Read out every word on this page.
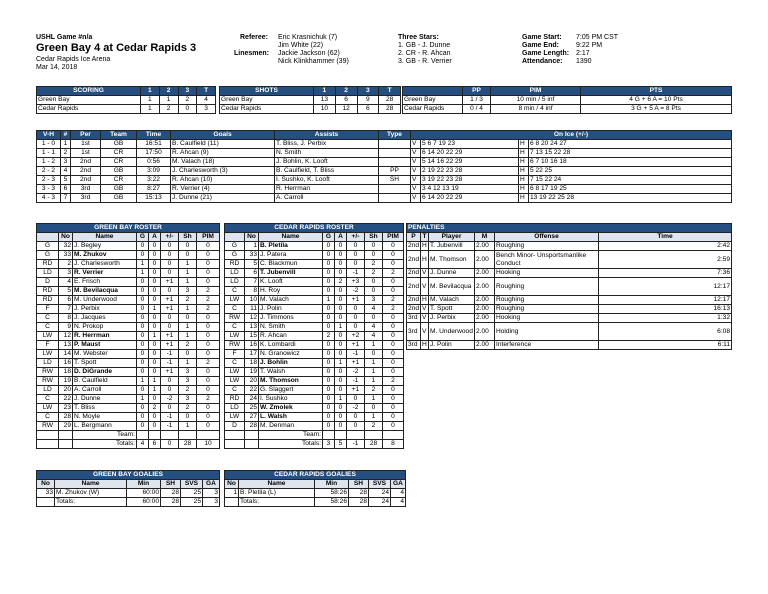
USHL Game #n/a
Green Bay 4 at Cedar Rapids 3
Cedar Rapids Ice Arena
Mar 14, 2018
Referee: Eric Krasnichuk (7)
Jim White (22)
Linesmen: Jackie Jackson (62)
Nick Klinkhammer (39)
Three Stars:
1. GB - J. Dunne
2. CR - R. Ahcan
3. GB - R. Verrier
Game Start: 7:05 PM CST
Game End: 9:22 PM
Game Length: 2:17
Attendance: 1390
SCORING	1	2	3	T
Green Bay	1	1	2	4
Cedar Rapids	1	2	0	3
SHOTS	1	2	3	T
Green Bay	13	6	9	28
Cedar Rapids	10	12	6	28
	PP	PIM	PTS
Green Bay	1 / 3	10 min / 5 inf	4 G + 6 A = 10 Pts
Cedar Rapids	0 / 4	8 min / 4 inf	3 G + 5 A = 8 Pts
V-H	#	Per	Team	Time	Goals	Assists	Type	On Ice (+/-)			
1 - 0	1	1st	GB	16:51	B. Caulfield (11)	T. Bliss, J. Perbix		V	5 6 7 19 23	H	6 8 20 24 27
1 - 1	2	1st	CR	17:50	R. Ahcan (9)	N. Smith		V	6 14 20 22 29	H	7 13 15 22 28
1 - 2	3	2nd	CR	0:56	M. Valach (18)	J. Bohlin, K. Looft		V	5 14 16 22 29	H	6 7 10 16 18
2 - 2	4	2nd	GB	3:09	J. Charlesworth (3)	B. Caulfield, T. Bliss	PP	V	2 19 22 23 28	H	5 22 25
2 - 3	5	2nd	CR	3:22	R. Ahcan (10)	I. Sushko, K. Looft	SH	V	3 19 22 23 28	H	7 15 22 24
3 - 3	6	3rd	GB	8:27	R. Verrier (4)	R. Herrman		V	3 4 12 13 19	H	6 8 17 19 25
4 - 3	7	3rd	GB	15:13	J. Dunne (21)	A. Carroll		V	6 14 20 22 29	H	13 19 22 25 28
GREEN BAY ROSTER							
	No	Name	G	A	+/-	Sh	PIM
G	32	J. Begley	0	0	0	0	0
G	33	M. Zhukov	0	0	0	0	0
RD	2	J. Charlesworth	1	0	0	1	0
LD	3	R. Verrier	1	0	0	1	0
D	4	E. Frisch	0	0	+1	1	0
RD	5	M. Bevilacqua	0	0	0	3	2
RD	6	M. Underwood	0	0	+1	2	2
F	7	J. Perbix	0	1	+1	1	2
C	8	J. Jacques	0	0	0	0	0
C	9	N. Prokop	0	0	0	1	0
LW	12	R. Herrman	0	1	+1	1	0
F	13	P. Maust	0	0	+1	2	0
LW	14	M. Webster	0	0	-1	0	0
LD	16	T. Spott	0	0	-1	1	2
RW	18	D. DiGrande	0	0	+1	3	0
RW	19	B. Caulfield	1	1	0	3	0
LD	20	A. Carroll	0	1	0	2	0
C	22	J. Dunne	1	0	-2	3	2
LW	23	T. Bliss	0	2	0	2	0
C	28	N. Moyle	0	0	-1	0	0
RW	29	L. Bergmann	0	0	-1	1	0
		Team:					
		Totals:	4	6	0	28	10
CEDAR RAPIDS ROSTER							
	No	Name	G	A	+/-	Sh	PIM
G	1	B. Pletila	0	0	0	0	0
G	33	J. Patera	0	0	0	0	0
RD	5	C. Blackmun	0	0	0	2	0
LD	6	T. Jubenvill	0	0	-1	2	2
LD	7	K. Looft	0	2	+3	0	0
C	8	H. Roy	0	0	-2	0	0
LW	10	M. Valach	1	0	+1	3	2
C	11	J. Polin	0	0	0	4	2
RW	12	J. Timmons	0	0	0	0	0
C	13	N. Smith	0	1	0	4	0
LW	15	R. Ahcan	2	0	+2	4	0
RW	16	K. Lombardi	0	0	+1	1	0
F	17	N. Granowicz	0	0	-1	0	0
C	18	J. Bohlin	0	1	+1	1	0
LW	19	T. Walsh	0	0	-2	1	0
LW	20	M. Thomson	0	0	-1	1	2
C	22	G. Slaggert	0	0	+1	2	0
RD	24	I. Sushko	0	1	0	1	0
LD	25	W. Zmolek	0	0	-2	0	0
LW	27	L. Walsh	0	0	0	1	0
D	28	M. Denman	0	0	0	2	0
		Team:					
		Totals:	3	5	-1	28	8
PENALTIES					
P	T	Player	M	Offense	Time
2nd	H	T. Jubenvill	2.00	Roughing	2:42
2nd	H	M. Thomson	2.00	Bench Minor- Unsportsmanlike Conduct	2:59
2nd	V	J. Dunne	2.00	Hooking	7:36
2nd	V	M. Bevilacqua	2.00	Roughing	12:17
2nd	H	M. Valach	2.00	Roughing	12:17
2nd	V	T. Spott	2.00	Roughing	16:13
3rd	V	J. Perbix	2.00	Hooking	1:32
3rd	V	M. Underwood	2.00	Holding	6:08
3rd	H	J. Polin	2.00	Interference	6:11
GREEN BAY GOALIES					
No	Name	Min	SH	SVS	GA
33	M. Zhukov (W)	60:00	28	25	3
	Totals:	60:00	28	25	3
CEDAR RAPIDS GOALIES					
No	Name	Min	SH	SVS	GA
1	B. Pletila (L)	58:26	28	24	4
	Totals:	58:26	28	24	4
